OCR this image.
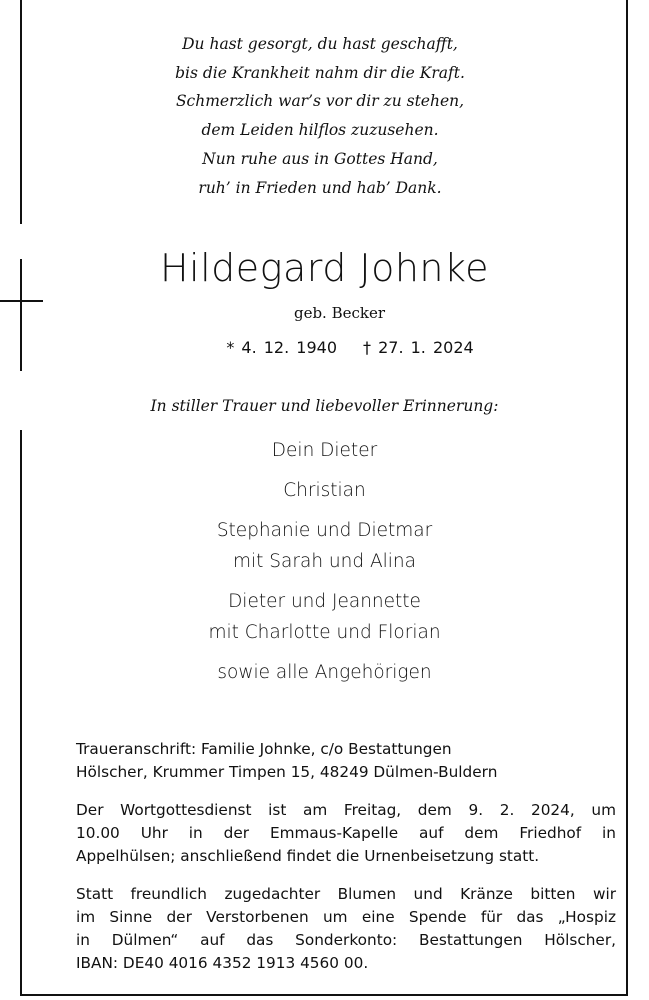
Du hast gesorgt, du hast geschafft,
bis die Krankheit nahm dir die Kraft.
Schmerzlich war’s vor dir zu stehen,
dem Leiden hilflos zuzusehen.
Nun ruhe aus in Gottes Hand,
ruh’ in Frieden und hab’ Dank.
Hildegard Johnke
geb. Becker
* 4. 12. 1940 † 27. 1. 2024
In stiller Trauer und liebevoller Erinnerung:
Dein Dieter
Christian
Stephanie und Dietmar
mit Sarah und Alina
Dieter und Jeannette
mit Charlotte und Florian
sowie alle Angehörigen
Traueranschrift: Familie Johnke, c/o Bestattungen
Hölscher, Krummer Timpen 15, 48249 Dülmen-Buldern
Der Wortgottesdienst ist am Freitag, dem 9. 2. 2024, um
10.00 Uhr in der Emmaus-Kapelle auf dem Friedhof in
Appelhülsen; anschließend findet die Urnenbeisetzung statt.
Statt freundlich zugedachter Blumen und Kränze bitten wir
im Sinne der Verstorbenen um eine Spende für das „Hospiz
in Dülmen“ auf das Sonderkonto: Bestattungen Hölscher,
IBAN: DE40 4016 4352 1913 4560 00.
